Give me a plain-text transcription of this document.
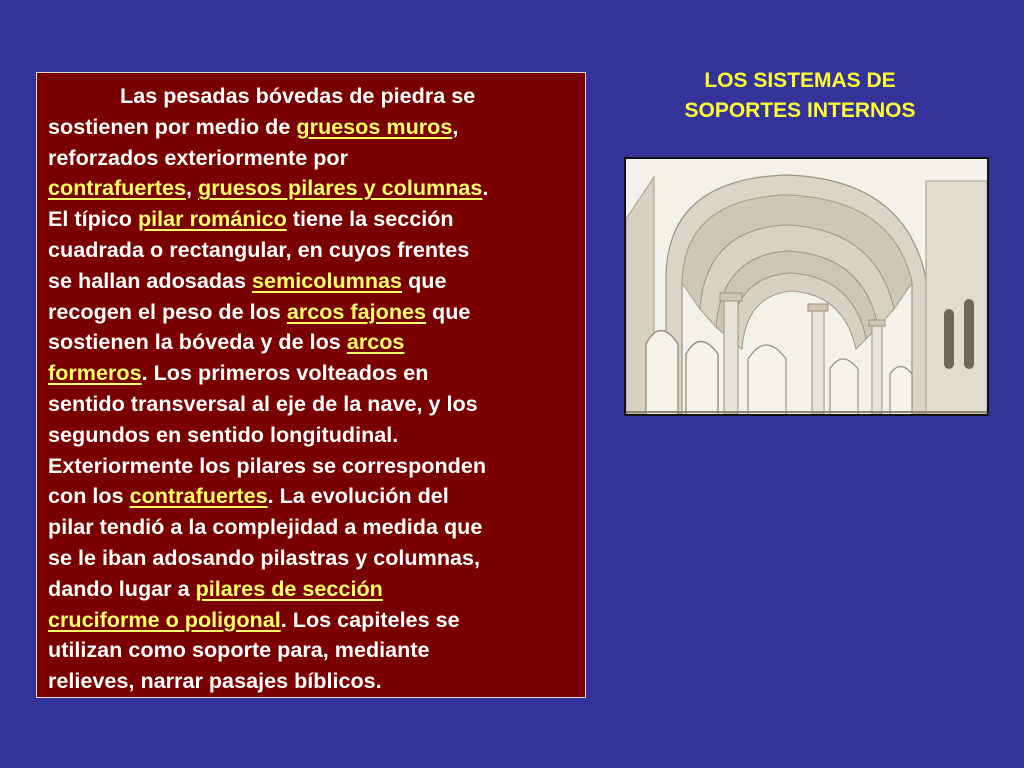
Las pesadas bóvedas de piedra se
sostienen por medio de gruesos muros,
reforzados exteriormente por
contrafuertes, gruesos pilares y columnas.
El típico pilar románico tiene la sección
cuadrada o rectangular, en cuyos frentes
se hallan adosadas semicolumnas que
recogen el peso de los arcos fajones que
sostienen la bóveda y de los arcos
formeros. Los primeros volteados en
sentido transversal al eje de la nave, y los
segundos en sentido longitudinal.
Exteriormente los pilares se corresponden
con los contrafuertes. La evolución del
pilar tendió a la complejidad a medida que
se le iban adosando pilastras y columnas,
dando lugar a pilares de sección
cruciforme o poligonal. Los capiteles se
utilizan como soporte para, mediante
relieves, narrar pasajes bíblicos.

LOS SISTEMAS DE
SOPORTES INTERNOS
